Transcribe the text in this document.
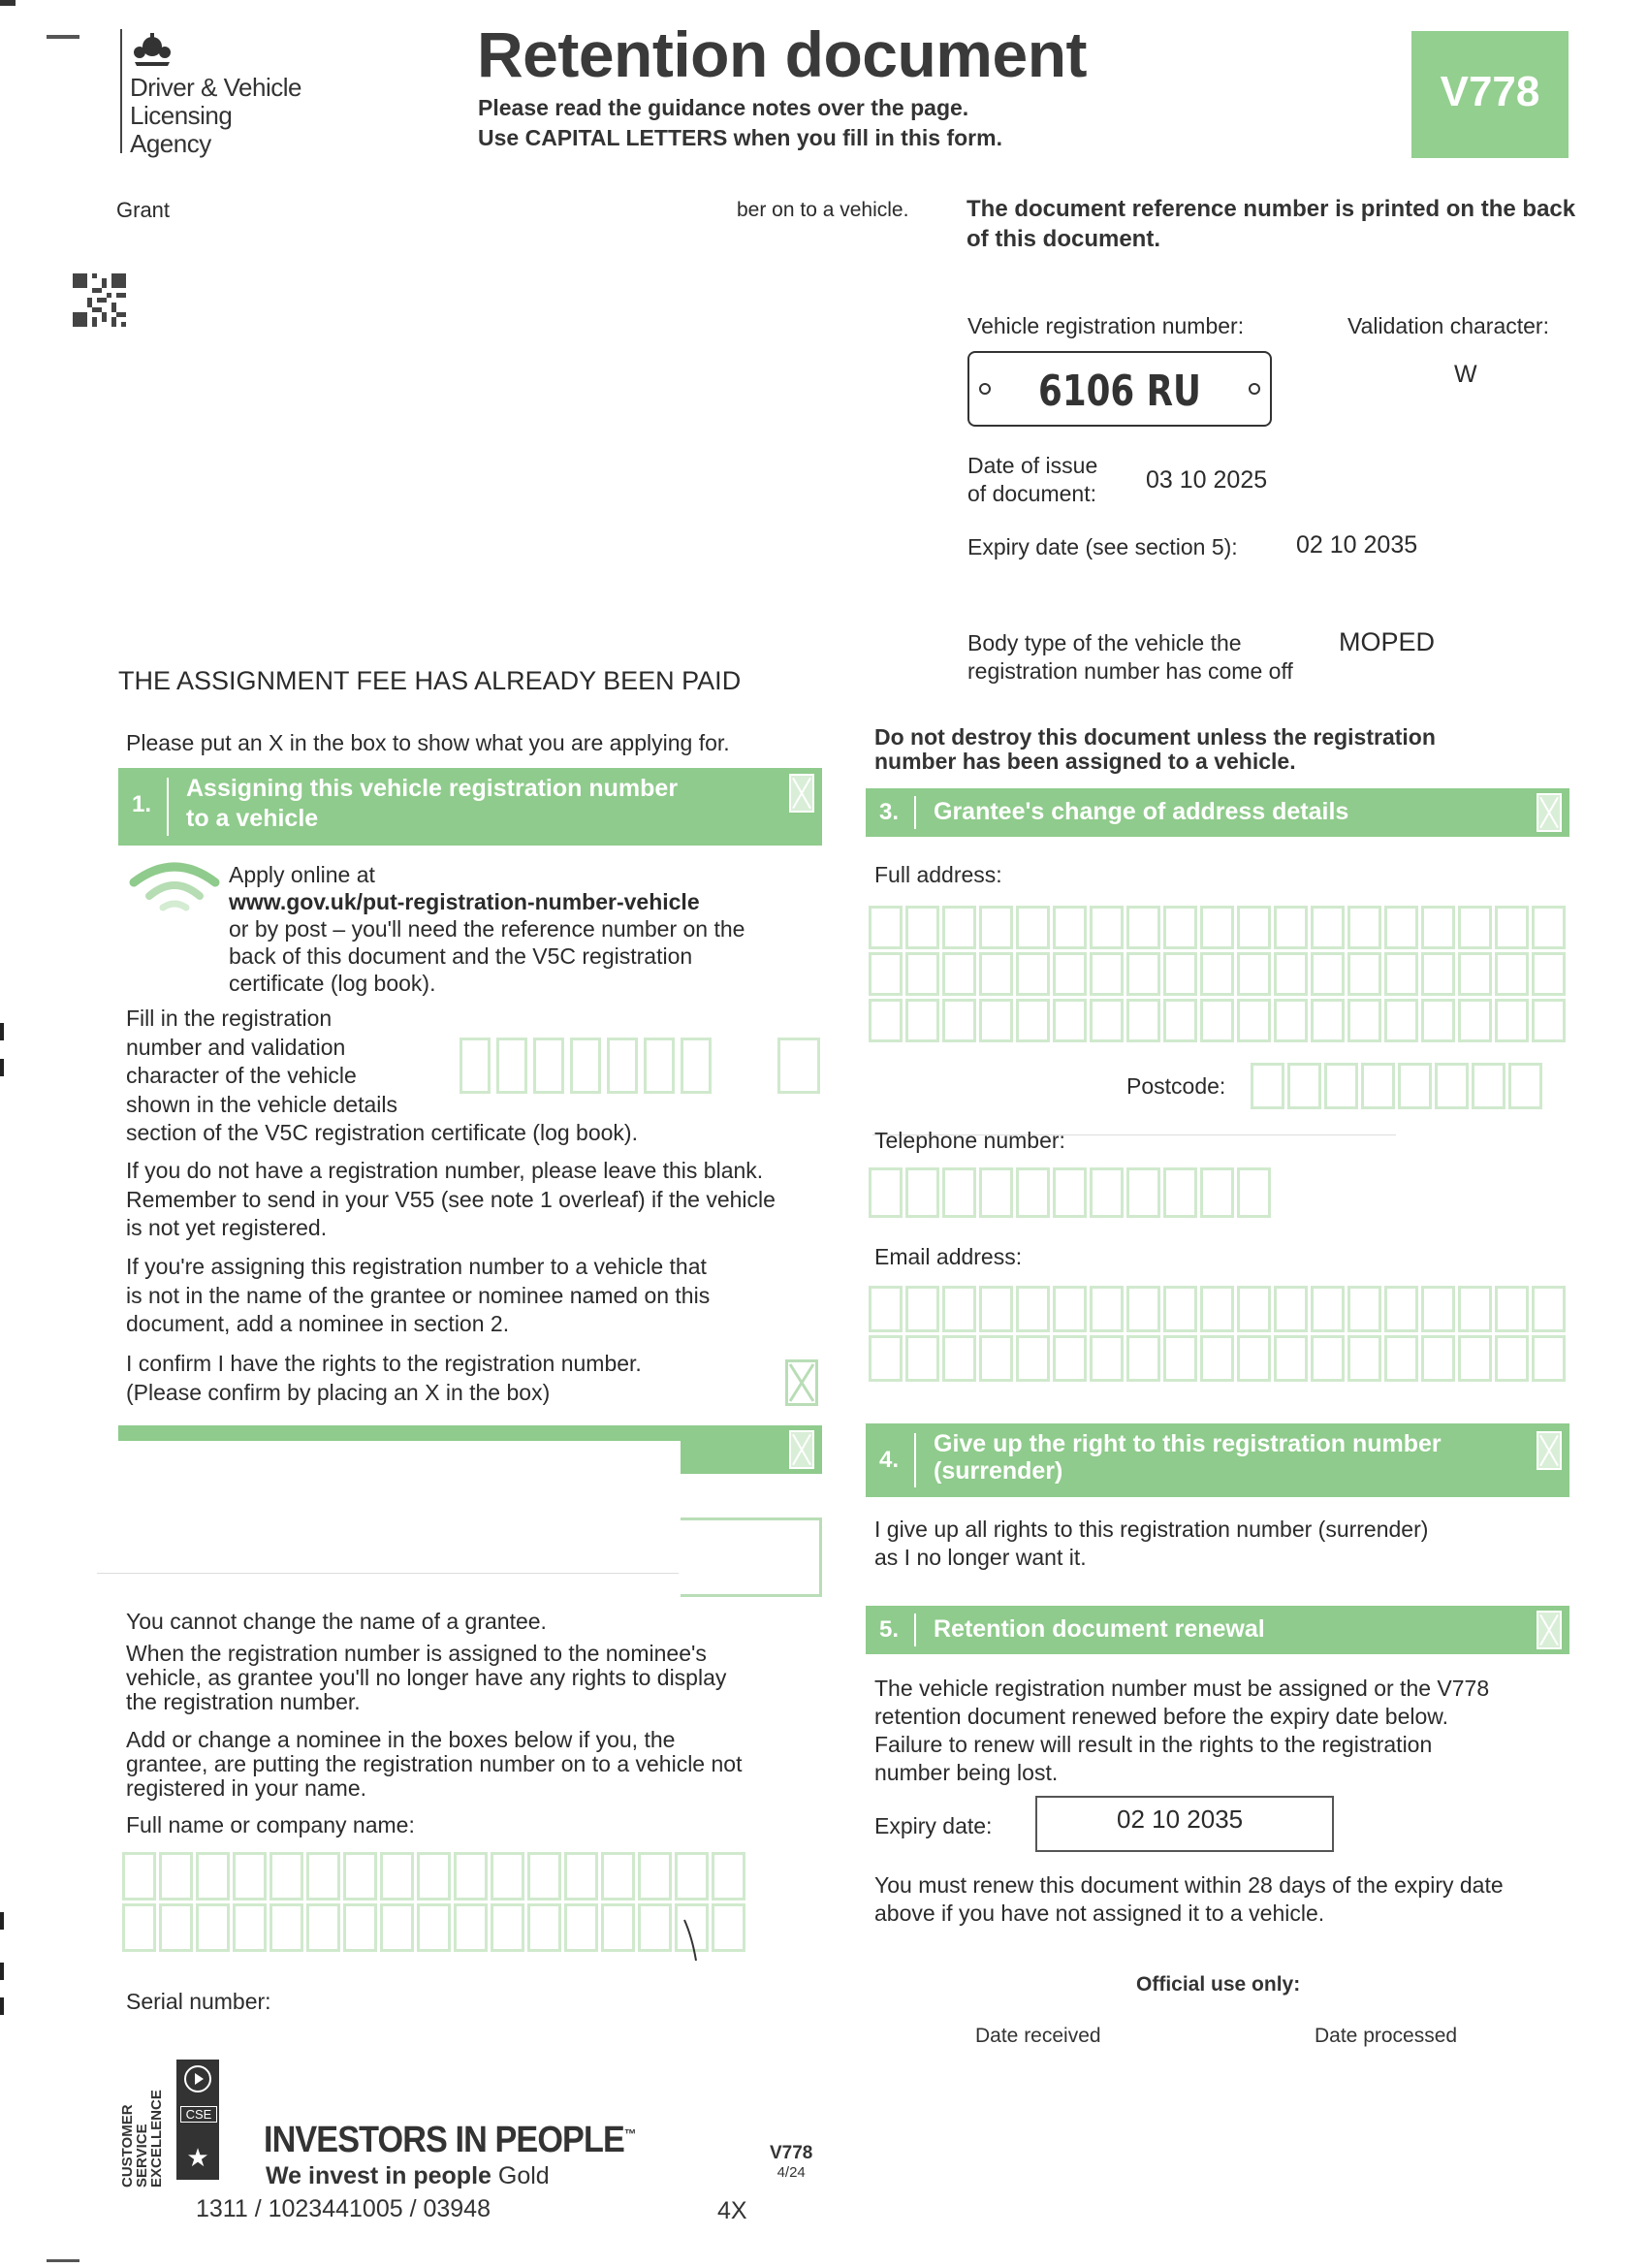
Driver & Vehicle
Licensing
Agency
Retention document
Please read the guidance notes over the page.
Use CAPITAL LETTERS when you fill in this form.
V778
Grant	ber on to a vehicle. The document reference number is printed on the back of this document.
Vehicle registration number:	Validation character:
6106 RU	W
Date of issue
of document: 03 10 2025
Expiry date (see section 5): 02 10 2035
Body type of the vehicle the
registration number has come off
MOPED
THE ASSIGNMENT FEE HAS ALREADY BEEN PAID
Please put an X in the box to show what you are applying for.
1.
Assigning this vehicle registration number
to a vehicle
Apply online at
www.gov.uk/put-registration-number-vehicle
or by post – you'll need the reference number on the
back of this document and the V5C registration
certificate (log book).
Fill in the registration
number and validation
character of the vehicle
shown in the vehicle details
section of the V5C registration certificate (log book).
If you do not have a registration number, please leave this blank.
Remember to send in your V55 (see note 1 overleaf) if the vehicle
is not yet registered.
If you're assigning this registration number to a vehicle that
is not in the name of the grantee or nominee named on this
document, add a nominee in section 2.
I confirm I have the rights to the registration number.
(Please confirm by placing an X in the box)
You cannot change the name of a grantee.
When the registration number is assigned to the nominee's
vehicle, as grantee you'll no longer have any rights to display
the registration number.
Add or change a nominee in the boxes below if you, the
grantee, are putting the registration number on to a vehicle not
registered in your name.
Full name or company name:
Serial number:
Do not destroy this document unless the registration
number has been assigned to a vehicle.
3. Grantee's change of address details
Full address:
Postcode:
Telephone number:
Email address:
4.
Give up the right to this registration number
(surrender)
I give up all rights to this registration number (surrender)
as I no longer want it.
5. Retention document renewal
The vehicle registration number must be assigned or the V778
retention document renewed before the expiry date below.
Failure to renew will result in the rights to the registration
number being lost.
Expiry date:	02 10 2035
You must renew this document within 28 days of the expiry date
above if you have not assigned it to a vehicle.
Official use only:
Date received	Date processed
CUSTOMER
SERVICE
EXCELLENCE	CSE
★ INVESTORS IN PEOPLE™
We invest in people Gold
1311 / 1023441005 / 03948
V778
4/24
4X
